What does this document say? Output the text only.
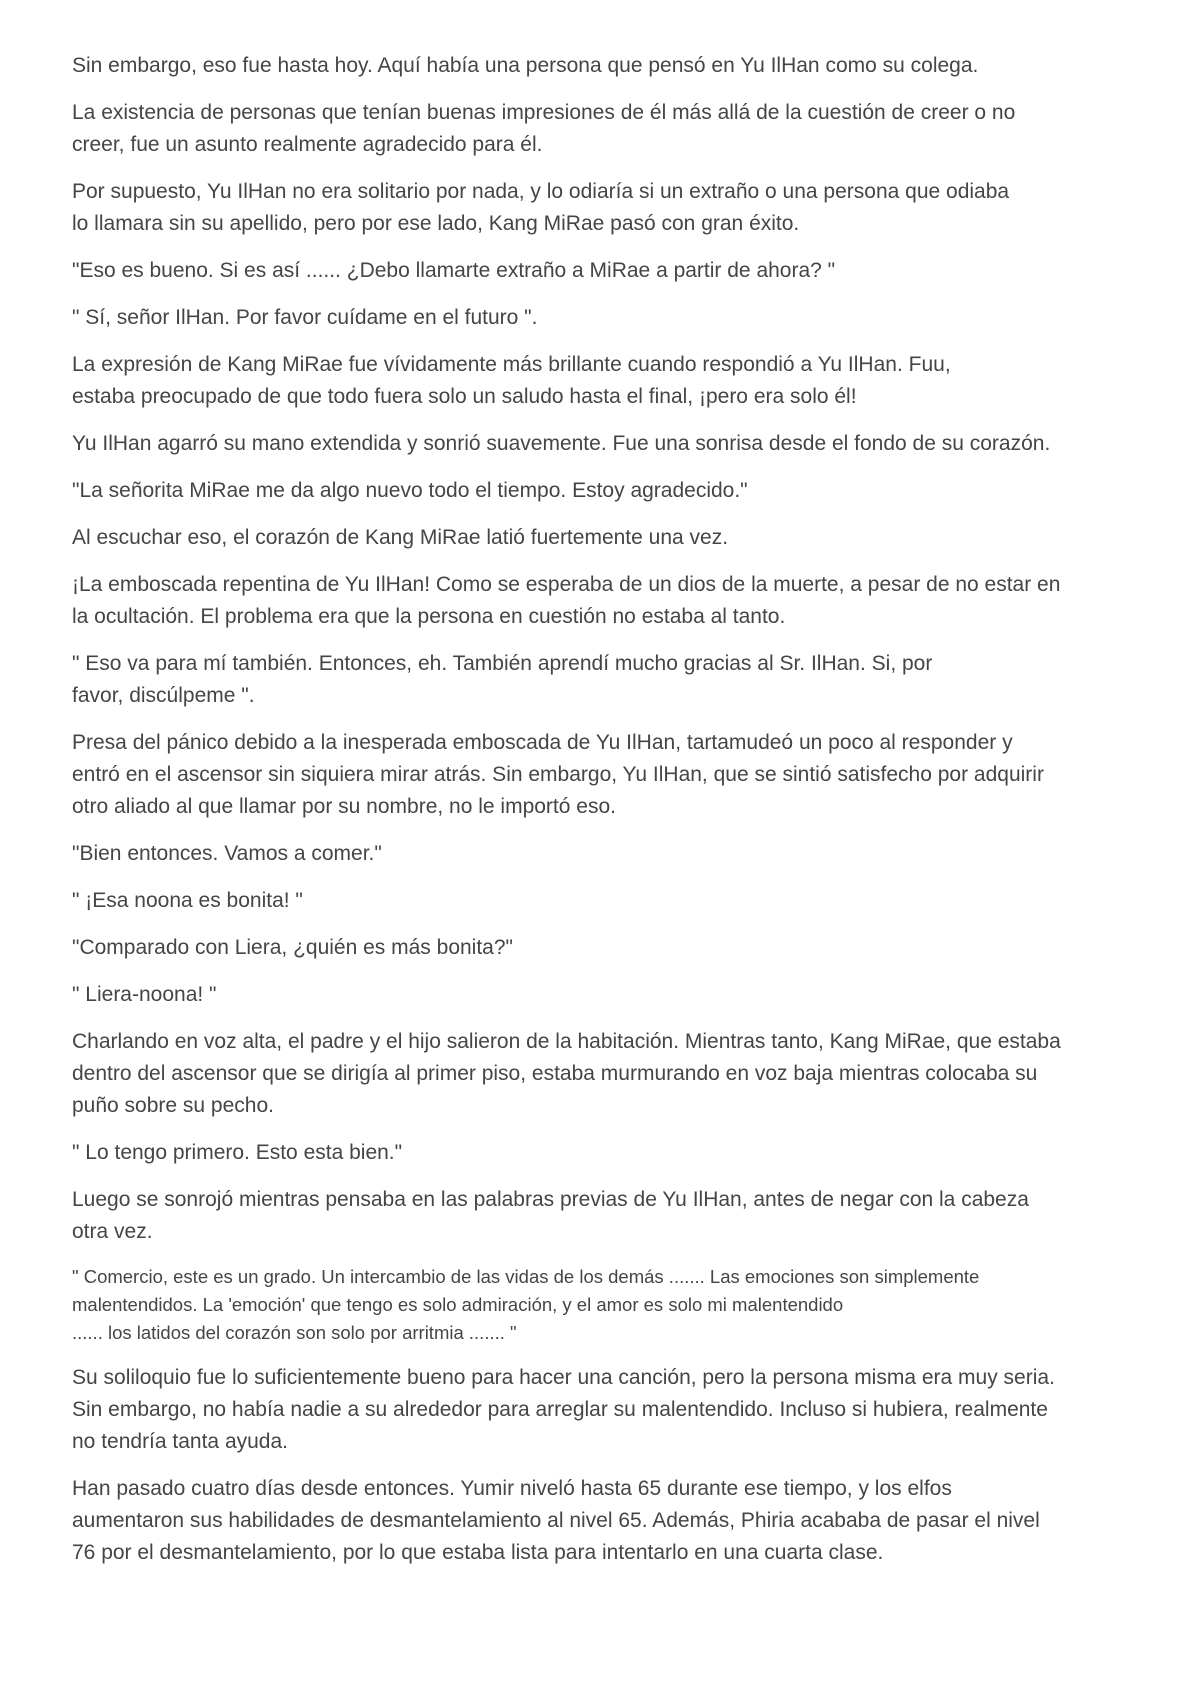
Sin embargo, eso fue hasta hoy. Aquí había una persona que pensó en Yu IlHan como su colega.

La existencia de personas que tenían buenas impresiones de él más allá de la cuestión de creer o no
creer, fue un asunto realmente agradecido para él.

Por supuesto, Yu IlHan no era solitario por nada, y lo odiaría si un extraño o una persona que odiaba
lo llamara sin su apellido, pero por ese lado, Kang MiRae pasó con gran éxito.

"Eso es bueno. Si es así ...... ¿Debo llamarte extraño a MiRae a partir de ahora? "

" Sí, señor IlHan. Por favor cuídame en el futuro ".

La expresión de Kang MiRae fue vívidamente más brillante cuando respondió a Yu IlHan. Fuu,
estaba preocupado de que todo fuera solo un saludo hasta el final, ¡pero era solo él!

Yu IlHan agarró su mano extendida y sonrió suavemente. Fue una sonrisa desde el fondo de su corazón.

"La señorita MiRae me da algo nuevo todo el tiempo. Estoy agradecido."

Al escuchar eso, el corazón de Kang MiRae latió fuertemente una vez.

¡La emboscada repentina de Yu IlHan! Como se esperaba de un dios de la muerte, a pesar de no estar en
la ocultación. El problema era que la persona en cuestión no estaba al tanto.

" Eso va para mí también. Entonces, eh. También aprendí mucho gracias al Sr. IlHan. Si, por
favor, discúlpeme ".

Presa del pánico debido a la inesperada emboscada de Yu IlHan, tartamudeó un poco al responder y
entró en el ascensor sin siquiera mirar atrás. Sin embargo, Yu IlHan, que se sintió satisfecho por adquirir
otro aliado al que llamar por su nombre, no le importó eso.

"Bien entonces. Vamos a comer."

" ¡Esa noona es bonita! "

"Comparado con Liera, ¿quién es más bonita?"

" Liera-noona! "

Charlando en voz alta, el padre y el hijo salieron de la habitación. Mientras tanto, Kang MiRae, que estaba
dentro del ascensor que se dirigía al primer piso, estaba murmurando en voz baja mientras colocaba su
puño sobre su pecho.

" Lo tengo primero. Esto esta bien."

Luego se sonrojó mientras pensaba en las palabras previas de Yu IlHan, antes de negar con la cabeza
otra vez.

" Comercio, este es un grado. Un intercambio de las vidas de los demás ....... Las emociones son simplemente
malentendidos. La 'emoción' que tengo es solo admiración, y el amor es solo mi malentendido
...... los latidos del corazón son solo por arritmia ....... "

Su soliloquio fue lo suficientemente bueno para hacer una canción, pero la persona misma era muy seria.
Sin embargo, no había nadie a su alrededor para arreglar su malentendido. Incluso si hubiera, realmente
no tendría tanta ayuda.

Han pasado cuatro días desde entonces. Yumir niveló hasta 65 durante ese tiempo, y los elfos
aumentaron sus habilidades de desmantelamiento al nivel 65. Además, Phiria acababa de pasar el nivel
76 por el desmantelamiento, por lo que estaba lista para intentarlo en una cuarta clase.
